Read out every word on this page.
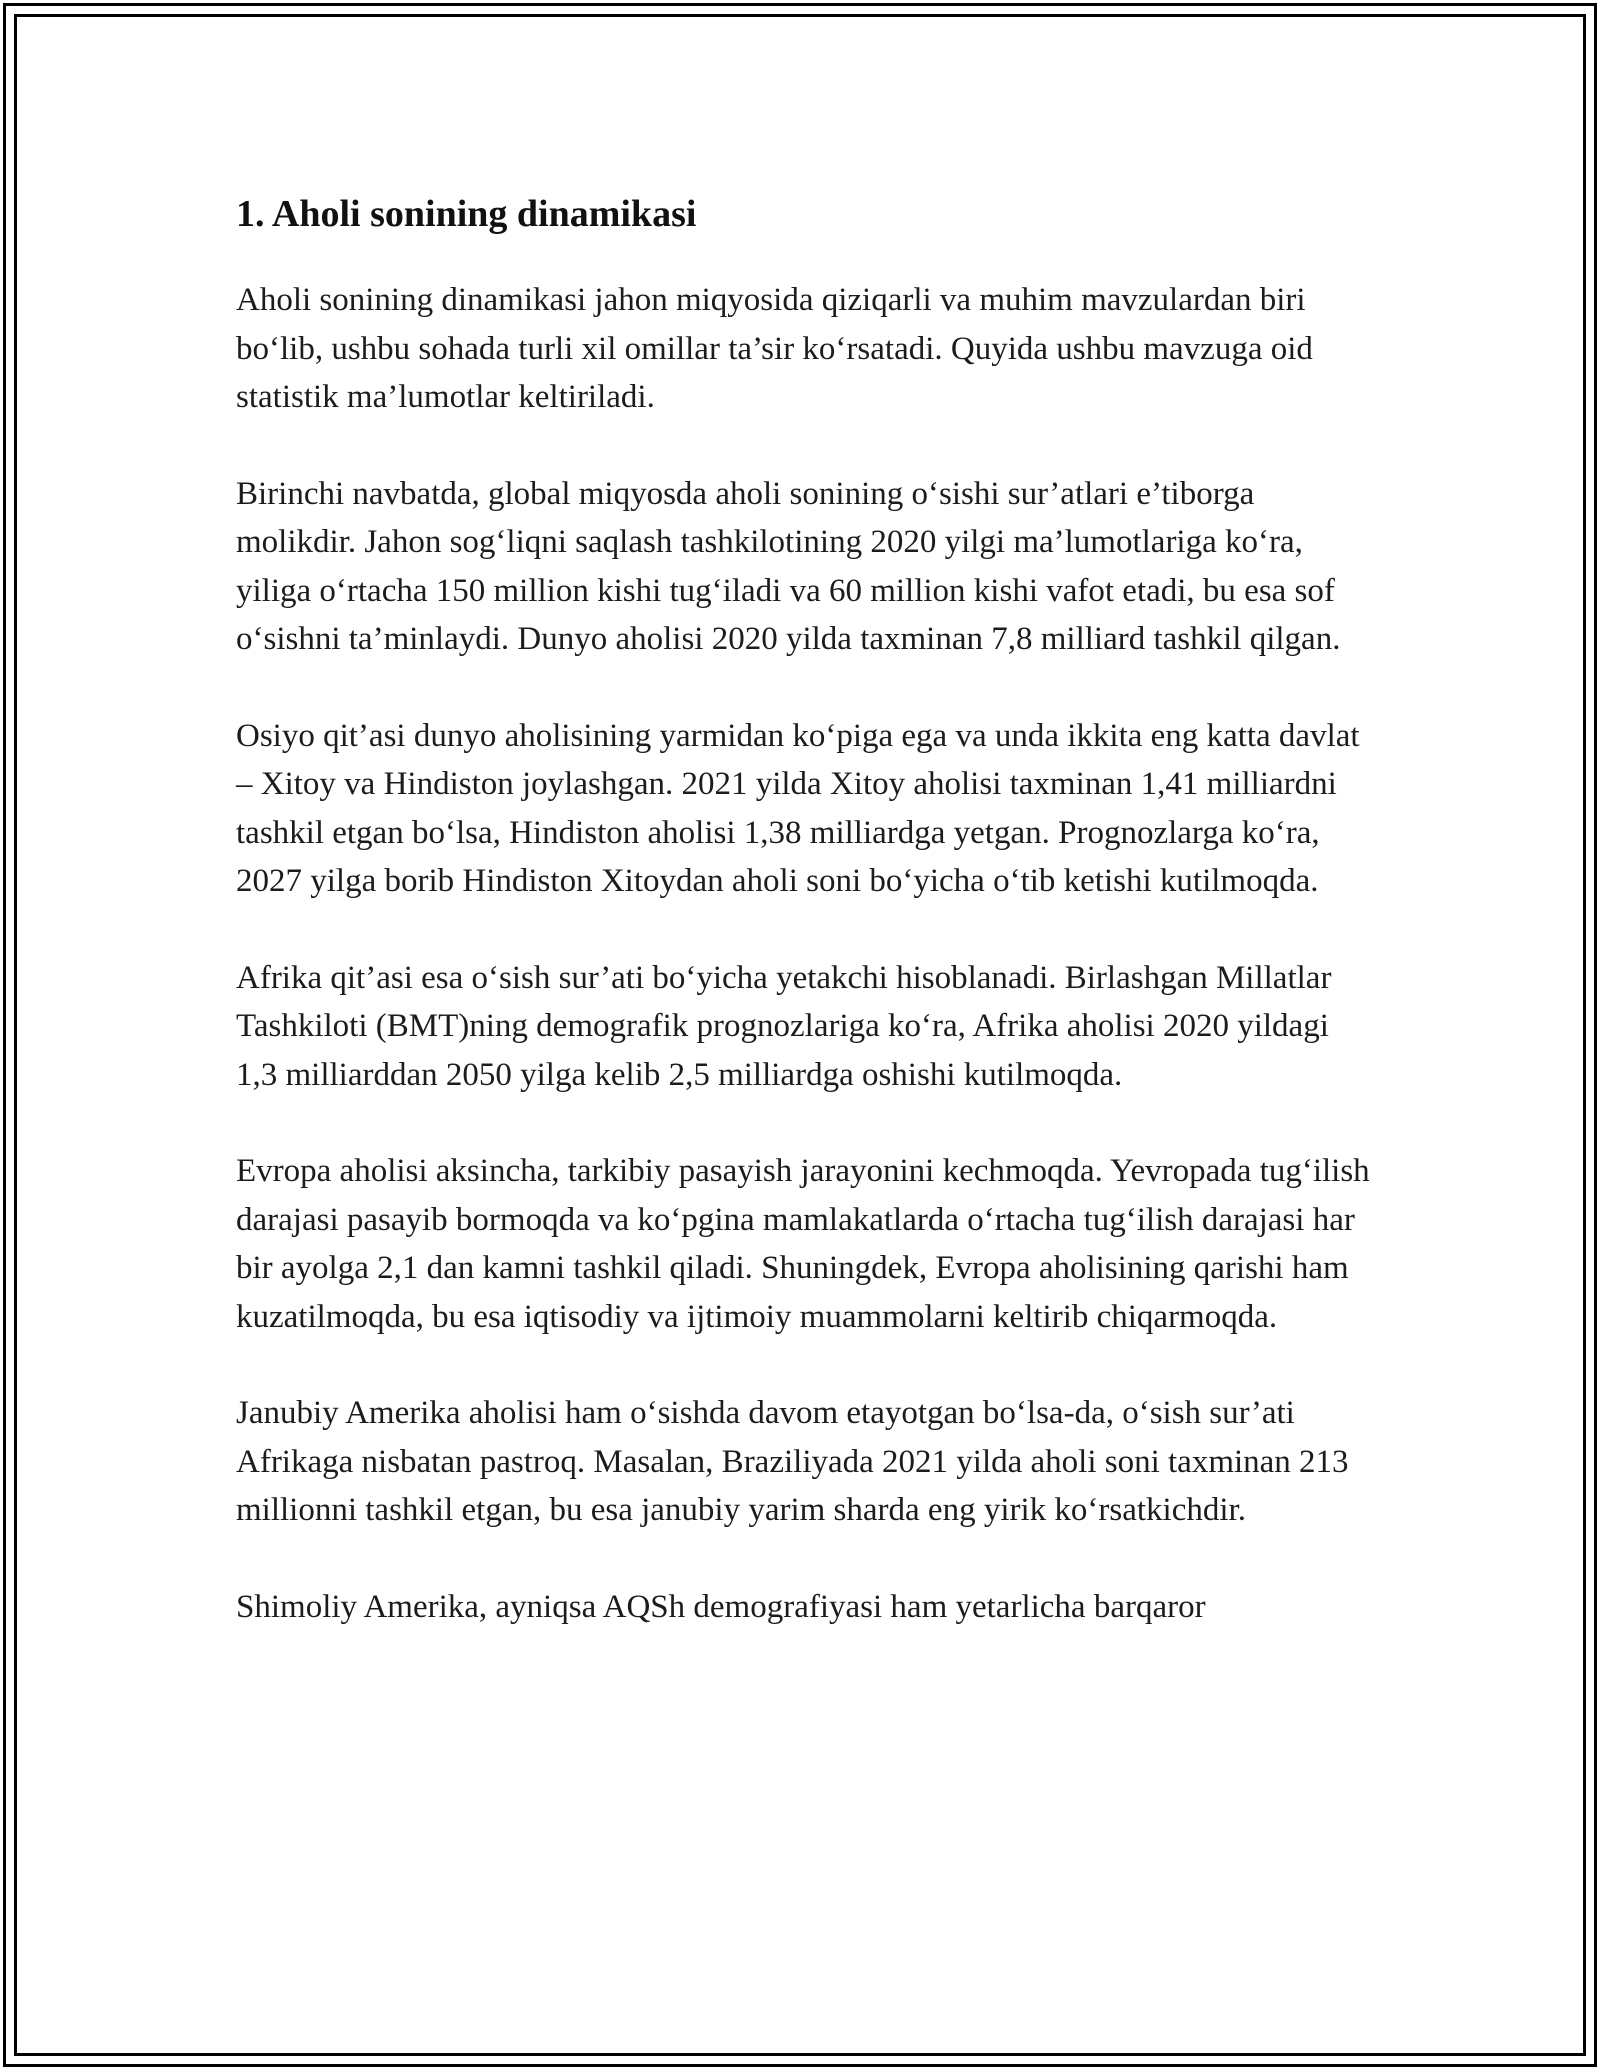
1. Aholi sonining dinamikasi

Aholi sonining dinamikasi jahon miqyosida qiziqarli va muhim mavzulardan biri bo‘lib, ushbu sohada turli xil omillar ta’sir ko‘rsatadi. Quyida ushbu mavzuga oid statistik ma’lumotlar keltiriladi.

Birinchi navbatda, global miqyosda aholi sonining o‘sishi sur’atlari e’tiborga molikdir. Jahon sog‘liqni saqlash tashkilotining 2020 yilgi ma’lumotlariga ko‘ra, yiliga o‘rtacha 150 million kishi tug‘iladi va 60 million kishi vafot etadi, bu esa sof o‘sishni ta’minlaydi. Dunyo aholisi 2020 yilda taxminan 7,8 milliard tashkil qilgan.

Osiyo qit’asi dunyo aholisining yarmidan ko‘piga ega va unda ikkita eng katta davlat – Xitoy va Hindiston joylashgan. 2021 yilda Xitoy aholisi taxminan 1,41 milliardni tashkil etgan bo‘lsa, Hindiston aholisi 1,38 milliardga yetgan. Prognozlarga ko‘ra, 2027 yilga borib Hindiston Xitoydan aholi soni bo‘yicha o‘tib ketishi kutilmoqda.

Afrika qit’asi esa o‘sish sur’ati bo‘yicha yetakchi hisoblanadi. Birlashgan Millatlar Tashkiloti (BMT)ning demografik prognozlariga ko‘ra, Afrika aholisi 2020 yildagi 1,3 milliarddan 2050 yilga kelib 2,5 milliardga oshishi kutilmoqda.

Evropa aholisi aksincha, tarkibiy pasayish jarayonini kechmoqda. Yevropada tug‘ilish darajasi pasayib bormoqda va ko‘pgina mamlakatlarda o‘rtacha tug‘ilish darajasi har bir ayolga 2,1 dan kamni tashkil qiladi. Shuningdek, Evropa aholisining qarishi ham kuzatilmoqda, bu esa iqtisodiy va ijtimoiy muammolarni keltirib chiqarmoqda.

Janubiy Amerika aholisi ham o‘sishda davom etayotgan bo‘lsa-da, o‘sish sur’ati Afrikaga nisbatan pastroq. Masalan, Braziliyada 2021 yilda aholi soni taxminan 213 millionni tashkil etgan, bu esa janubiy yarim sharda eng yirik ko‘rsatkichdir.

Shimoliy Amerika, ayniqsa AQSh demografiyasi ham yetarlicha barqaror
